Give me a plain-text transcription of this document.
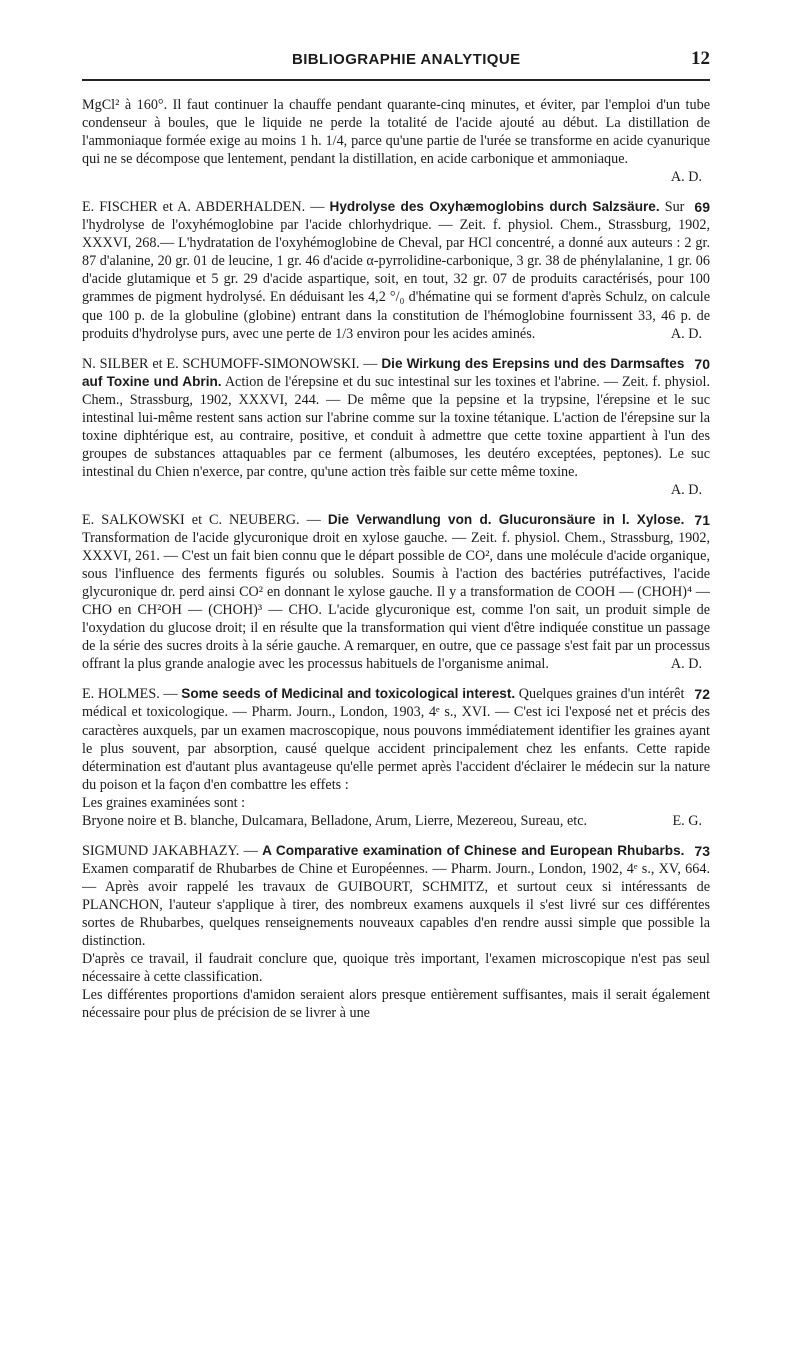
BIBLIOGRAPHIE ANALYTIQUE	12
MgCl² à 160°. Il faut continuer la chauffe pendant quarante-cinq minutes, et éviter, par l'emploi d'un tube condenseur à boules, que le liquide ne perde la totalité de l'acide ajouté au début. La distillation de l'ammoniaque formée exige au moins 1 h. 1/4, parce qu'une partie de l'urée se transforme en acide cyanurique qui ne se décompose que lentement, pendant la distillation, en acide carbonique et ammoniaque.
A. D.
69
E. FISCHER et A. ABDERHALDEN. — Hydrolyse des Oxyhæmoglobins durch Salzsäure. Sur l'hydrolyse de l'oxyhémoglobine par l'acide chlorhydrique. — Zeit. f. physiol. Chem., Strassburg, 1902, XXXVI, 268.— L'hydratation de l'oxyhémoglobine de Cheval, par HCl concentré, a donné aux auteurs : 2 gr. 87 d'alanine, 20 gr. 01 de leucine, 1 gr. 46 d'acide α-pyrrolidine-carbonique, 3 gr. 38 de phénylalanine, 1 gr. 06 d'acide glutamique et 5 gr. 29 d'acide aspartique, soit, en tout, 32 gr. 07 de produits caractérisés, pour 100 grammes de pigment hydrolysé. En déduisant les 4,2 °/₀ d'hématine qui se forment d'après Schulz, on calcule que 100 p. de la globuline (globine) entrant dans la constitution de l'hémoglobine fournissent 33, 46 p. de produits d'hydrolyse purs, avec une perte de 1/3 environ pour les acides aminés.	A. D.
70
N. SILBER et E. SCHUMOFF-SIMONOWSKI. — Die Wirkung des Erepsins und des Darmsaftes auf Toxine und Abrin. Action de l'érepsine et du suc intestinal sur les toxines et l'abrine. — Zeit. f. physiol. Chem., Strassburg, 1902, XXXVI, 244. — De même que la pepsine et la trypsine, l'érepsine et le suc intestinal lui-même restent sans action sur l'abrine comme sur la toxine tétanique. L'action de l'érepsine sur la toxine diphtérique est, au contraire, positive, et conduit à admettre que cette toxine appartient à l'un des groupes de substances attaquables par ce ferment (albumoses, les deutéro exceptées, peptones). Le suc intestinal du Chien n'exerce, par contre, qu'une action très faible sur cette même toxine.
A. D.
71
E. SALKOWSKI et C. NEUBERG. — Die Verwandlung von d. Glucuronsäure in l. Xylose. Transformation de l'acide glycuronique droit en xylose gauche. — Zeit. f. physiol. Chem., Strassburg, 1902, XXXVI, 261. — C'est un fait bien connu que le départ possible de CO², dans une molécule d'acide organique, sous l'influence des ferments figurés ou solubles. Soumis à l'action des bactéries putréfactives, l'acide glycuronique dr. perd ainsi CO² en donnant le xylose gauche. Il y a transformation de COOH — (CHOH)⁴ — CHO en CH²OH — (CHOH)³ — CHO. L'acide glycuronique est, comme l'on sait, un produit simple de l'oxydation du glucose droit; il en résulte que la transformation qui vient d'être indiquée constitue un passage de la série des sucres droits à la série gauche. A remarquer, en outre, que ce passage s'est fait par un processus offrant la plus grande analogie avec les processus habituels de l'organisme animal.	A. D.
72
E. HOLMES. — Some seeds of Medicinal and toxicological interest. Quelques graines d'un intérêt médical et toxicologique. — Pharm. Journ., London, 1903, 4ᵉ s., XVI. — C'est ici l'exposé net et précis des caractères auxquels, par un examen macroscopique, nous pouvons immédiatement identifier les graines ayant le plus souvent, par absorption, causé quelque accident principalement chez les enfants. Cette rapide détermination est d'autant plus avantageuse qu'elle permet après l'accident d'éclairer le médecin sur la nature du poison et la façon d'en combattre les effets :
Les graines examinées sont :
Bryone noire et B. blanche, Dulcamara, Belladone, Arum, Lierre, Mezereou, Sureau, etc.	E. G.
73
SIGMUND JAKABHAZY. — A Comparative examination of Chinese and European Rhubarbs. Examen comparatif de Rhubarbes de Chine et Européennes. — Pharm. Journ., London, 1902, 4ᵉ s., XV, 664. — Après avoir rappelé les travaux de GUIBOURT, SCHMITZ, et surtout ceux si intéressants de PLANCHON, l'auteur s'applique à tirer, des nombreux examens auxquels il s'est livré sur ces différentes sortes de Rhubarbes, quelques renseignements nouveaux capables d'en rendre aussi simple que possible la distinction.
D'après ce travail, il faudrait conclure que, quoique très important, l'examen microscopique n'est pas seul nécessaire à cette classification.
Les différentes proportions d'amidon seraient alors presque entièrement suffisantes, mais il serait également nécessaire pour plus de précision de se livrer à une
